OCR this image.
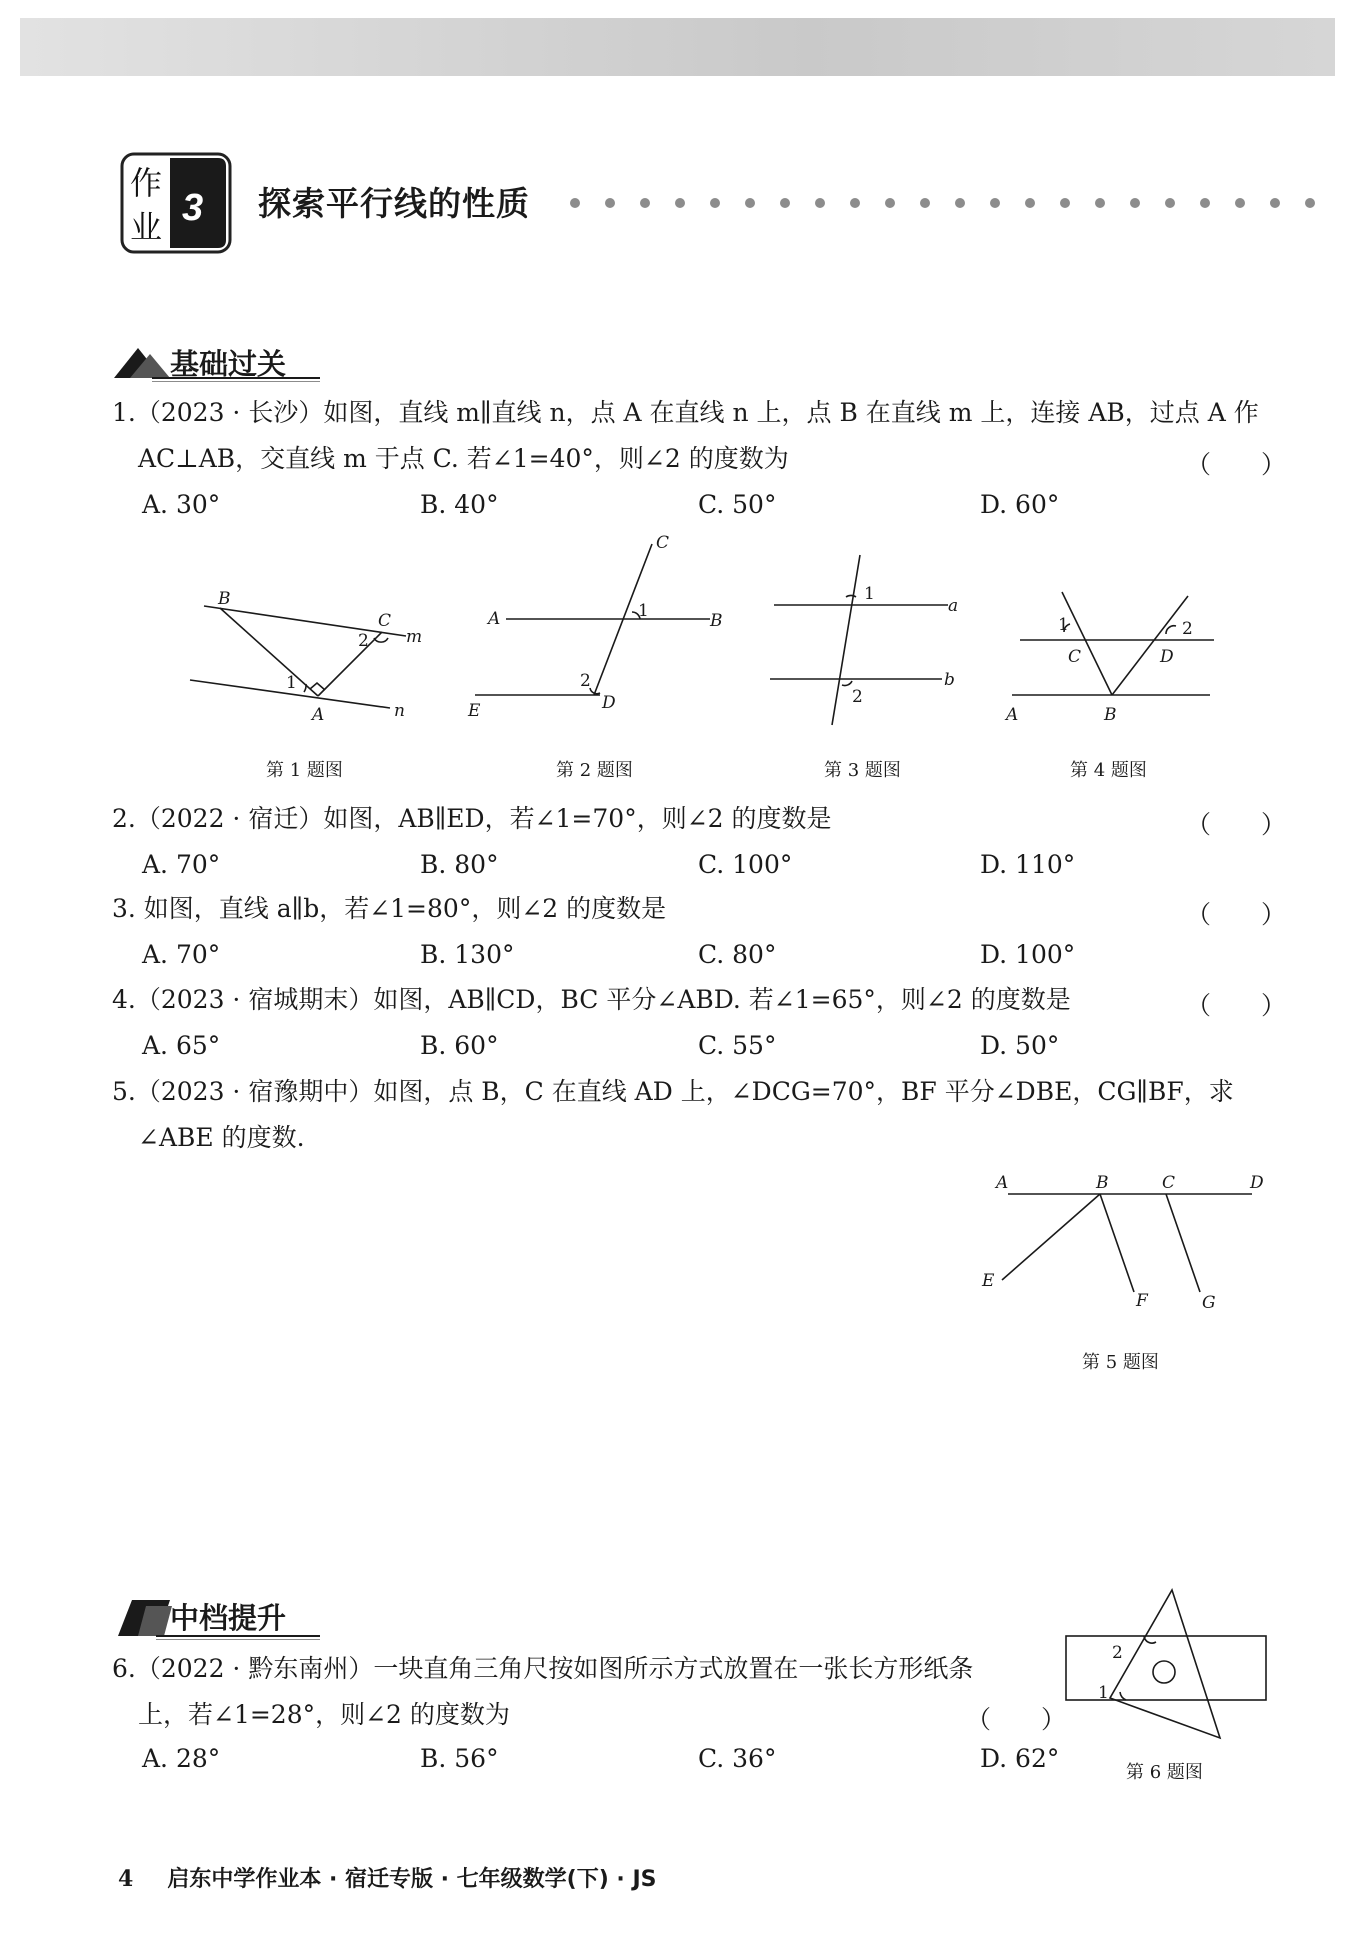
作
业 3 探索平行线的性质
基础过关
1.（2023 · 长沙）如图，直线 m∥直线 n，点 A 在直线 n 上，点 B 在直线 m 上，连接 AB，过点 A 作
AC⊥AB，交直线 m 于点 C. 若∠1=40°，则∠2 的度数为	（　　）
A. 30°	B. 40°	C. 50°	D. 60°
B
C
m
A	n
1
2
第 1 题图
A	B
C
D
E
1
2
第 2 题图
a
b
1
2
第 3 题图
A	B
C	D
1	2
第 4 题图
2.（2022 · 宿迁）如图，AB∥ED，若∠1=70°，则∠2 的度数是	（　　）
A. 70°	B. 80°	C. 100°	D. 110°
3. 如图，直线 a∥b，若∠1=80°，则∠2 的度数是	（　　）
A. 70°	B. 130°	C. 80°	D. 100°
4.（2023 · 宿城期末）如图，AB∥CD，BC 平分∠ABD. 若∠1=65°，则∠2 的度数是	（　　）
A. 65°	B. 60°	C. 55°	D. 50°
5.（2023 · 宿豫期中）如图，点 B，C 在直线 AD 上，∠DCG=70°，BF 平分∠DBE，CG∥BF，求
∠ABE 的度数.
A	B	C	D
E
F	G
第 5 题图
中档提升
6.（2022 · 黔东南州）一块直角三角尺按如图所示方式放置在一张长方形纸条
上，若∠1=28°，则∠2 的度数为	（　　）
A. 28°	B. 56°	C. 36°	D. 62°
1
2
第 6 题图
4 启东中学作业本 · 宿迁专版 · 七年级数学(下) · JS
